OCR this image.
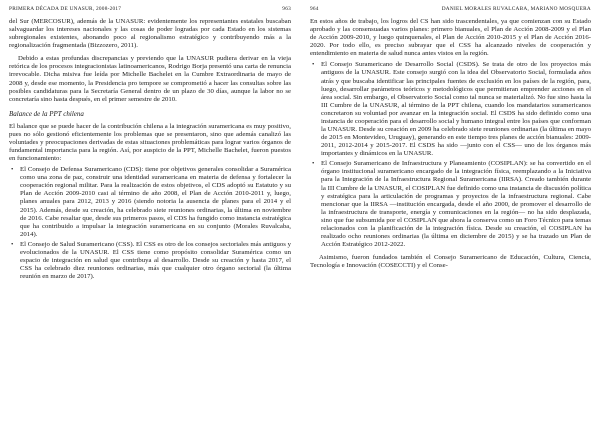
PRIMERA DÉCADA DE UNASUR, 2008-2017	963

del Sur (MERCOSUR), además de la UNASUR: evidentemente los representantes estatales buscaban salvaguardar los intereses nacionales y las cosas de poder logradas por cada Estado en los sistemas subregionales existentes, abonando poco al regionalismo estratégico y contribuyendo más a la regionalización fragmentada (Bizzozero, 2011).

Debido a estas profundas discrepancias y previendo que la UNASUR pudiera derivar en la vieja retórica de los procesos integracionistas latinoamericanos, Rodrigo Borja presentó una carta de renuncia irrevocable. Dicha misiva fue leída por Michelle Bachelet en la Cumbre Extraordinaria de mayo de 2008 y, desde ese momento, la Presidencia pro tempore se comprometió a hacer las consultas sobre las posibles candidaturas para la Secretaría General dentro de un plazo de 30 días, aunque la labor no se concretaría sino hasta después, en el primer semestre de 2010.

Balance de la PPT chilena

El balance que se puede hacer de la contribución chilena a la integración suramericana es muy positivo, pues no sólo gestionó eficientemente los problemas que se presentaron, sino que además canalizó las voluntades y preocupaciones derivadas de estas situaciones problemáticas para lograr varios órganos de fundamental importancia para la región. Así, por auspicio de la PPT, Michelle Bachelet, fueron puestos en funcionamiento:

• El Consejo de Defensa Suramericano (CDS): tiene por objetivos generales consolidar a Suramérica como una zona de paz, construir una identidad suramericana en materia de defensa y fortalecer la cooperación regional militar. Para la realización de estos objetivos, el CDS adoptó su Estatuto y su Plan de Acción 2009-2010 casi al término de año 2008, el Plan de Acción 2010-2011 y, luego, planes anuales para 2012, 2013 y 2016 (siendo notoria la ausencia de planes para el 2014 y el 2015). Además, desde su creación, ha celebrado siete reuniones ordinarias, la última en noviembre de 2016. Cabe resaltar que, desde sus primeros pasos, el CDS ha fungido como instancia estratégica que ha contribuido a impulsar la integración suramericana en su conjunto (Morales Ruvalcaba, 2014).
• El Consejo de Salud Suramericano (CSS). El CSS es otro de los consejos sectoriales más antiguos y evolucionados de la UNASUR. El CSS tiene como propósito consolidar Suramérica como un espacio de integración en salud que contribuya al desarrollo. Desde su creación y hasta 2017, el CSS ha celebrado diez reuniones ordinarias, más que cualquier otro órgano sectorial (la última reunión en marzo de 2017).
964	DANIEL MORALES RUVALCABA, MARIANO MOSQUERA

En estos años de trabajo, los logros del CS han sido trascendentales, ya que comienzan con su Estado aprobado y las consensuadas varios planes: primero bianuales, el Plan de Acción 2008-2009 y el Plan de Acción 2009-2010, y luego quinquenales, el Plan de Acción 2010-2015 y el Plan de Acción 2016-2020. Por todo ello, es preciso subrayar que el CSS ha alcanzado niveles de cooperación y entendimiento en materia de salud nunca antes vistos en la región.

• El Consejo Suramericano de Desarrollo Social (CSDS). Se trata de otro de los proyectos más antiguos de la UNASUR. Este consejo surgió con la idea del Observatorio Social, formulada años atrás y que buscaba identificar las principales fuentes de exclusión en los países de la región, para, luego, desarrollar parámetros teóricos y metodológicos que permitieran emprender acciones en el área social. Sin embargo, el Observatorio Social como tal nunca se materializó. No fue sino hasta la III Cumbre de la UNASUR, al término de la PPT chilena, cuando los mandatarios suramericanos concretaron su voluntad por avanzar en la integración social. El CSDS ha sido definido como una instancia de cooperación para el desarrollo social y humano integral entre los países que conforman la UNASUR. Desde su creación en 2009 ha celebrado siete reuniones ordinarias (la última en mayo de 2015 en Montevideo, Uruguay), generando en este tiempo tres planes de acción bianuales: 2009-2011, 2012-2014 y 2015-2017. El CSDS ha sido —junto con el CSS— uno de los órganos más importantes y dinámicos en la UNASUR.
• El Consejo Suramericano de Infraestructura y Planeamiento (COSIPLAN): se ha convertido en el órgano institucional suramericano encargado de la integración física, reemplazando a la Iniciativa para la Integración de la Infraestructura Regional Suramericana (IIRSA). Creado también durante la III Cumbre de la UNASUR, el COSIPLAN fue definido como una instancia de discusión política y estratégica para la articulación de programas y proyectos de la infraestructura regional. Cabe mencionar que la IIRSA —institución encargada, desde el año 2000, de promover el desarrollo de la infraestructura de transporte, energía y comunicaciones en la región— no ha sido desplazada, sino que fue subsumida por el COSIPLAN que ahora la conserva como un Foro Técnico para temas relacionados con la planificación de la integración física. Desde su creación, el COSIPLAN ha realizado ocho reuniones ordinarias (la última en diciembre de 2015) y se ha trazado un Plan de Acción Estratégico 2012-2022.

Asimismo, fueron fundados también el Consejo Suramericano de Educación, Cultura, Ciencia, Tecnología e Innovación (COSECCTI) y el Conse-
